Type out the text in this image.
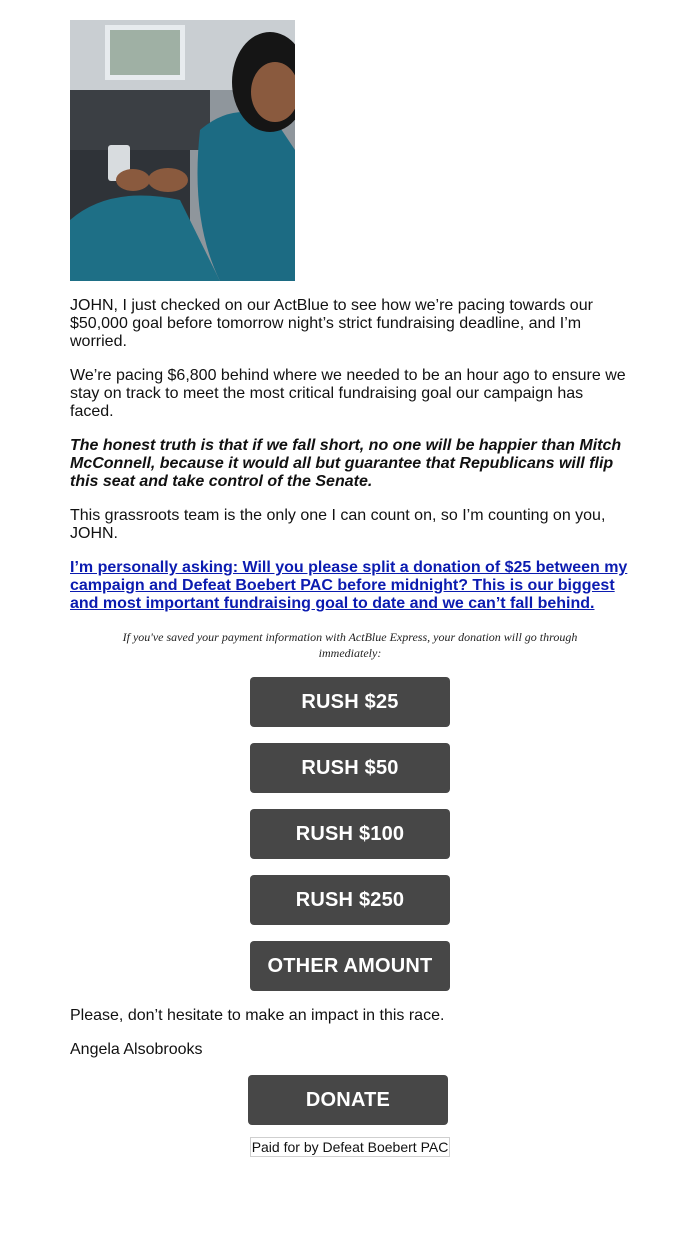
JOHN, I just checked on our ActBlue to see how we’re pacing towards our $50,000 goal before tomorrow night’s strict fundraising deadline, and I’m worried.

We’re pacing $6,800 behind where we needed to be an hour ago to ensure we stay on track to meet the most critical fundraising goal our campaign has faced.

The honest truth is that if we fall short, no one will be happier than Mitch McConnell, because it would all but guarantee that Republicans will flip this seat and take control of the Senate.

This grassroots team is the only one I can count on, so I’m counting on you, JOHN.

I’m personally asking: Will you please split a donation of $25 between my campaign and Defeat Boebert PAC before midnight? This is our biggest and most important fundraising goal to date and we can’t fall behind.

If you've saved your payment information with ActBlue Express, your donation will go through immediately:
RUSH $25
RUSH $50
RUSH $100
RUSH $250
OTHER AMOUNT
Please, don’t hesitate to make an impact in this race.
Angela Alsobrooks
DONATE
Paid for by Defeat Boebert PAC
